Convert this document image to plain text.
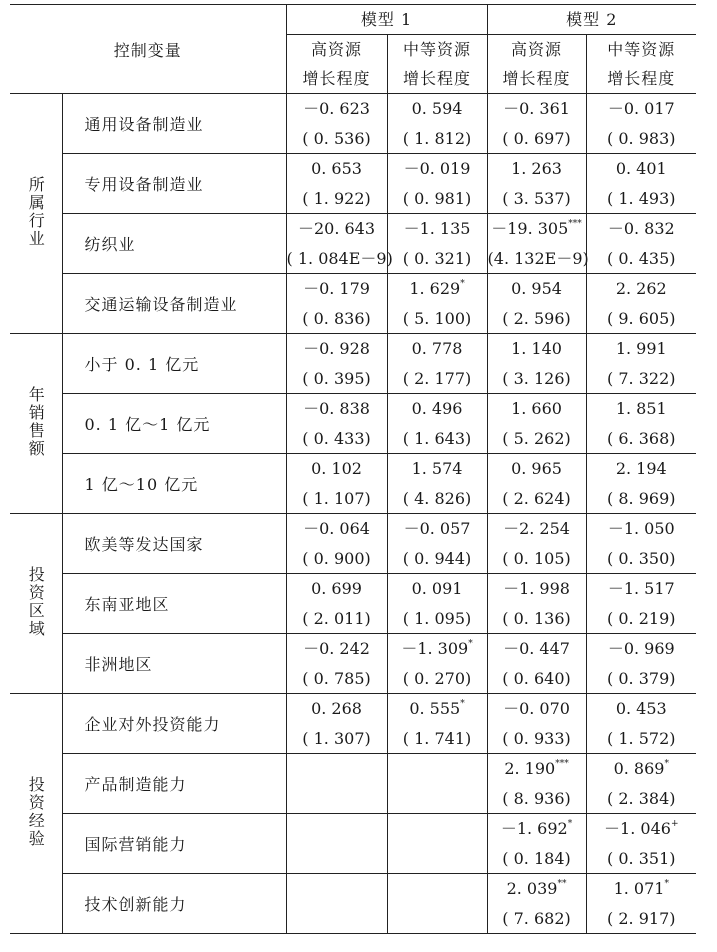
控制变量		模型 1		模型 2	
		高资源	中等资源	高资源	中等资源
		增长程度	增长程度	增长程度	增长程度
所属行业	通用设备制造业	－0. 623	0. 594	－0. 361	－0. 017
		( 0. 536)	( 1. 812)	( 0. 697)	( 0. 983)
	专用设备制造业	0. 653	－0. 019	1. 263	0. 401
		( 1. 922)	( 0. 981)	( 3. 537)	( 1. 493)
	纺织业	－20. 643	－1. 135	－19. 305***	－0. 832
		( 1. 084E－9)	( 0. 321)	(4. 132E－9)	( 0. 435)
	交通运输设备制造业	－0. 179	1. 629*	0. 954	2. 262
		( 0. 836)	( 5. 100)	( 2. 596)	( 9. 605)
年销售额	小于 0. 1 亿元	－0. 928	0. 778	1. 140	1. 991
		( 0. 395)	( 2. 177)	( 3. 126)	( 7. 322)
	0. 1 亿～1 亿元	－0. 838	0. 496	1. 660	1. 851
		( 0. 433)	( 1. 643)	( 5. 262)	( 6. 368)
	1 亿～10 亿元	0. 102	1. 574	0. 965	2. 194
		( 1. 107)	( 4. 826)	( 2. 624)	( 8. 969)
投资区域	欧美等发达国家	－0. 064	－0. 057	－2. 254	－1. 050
		( 0. 900)	( 0. 944)	( 0. 105)	( 0. 350)
	东南亚地区	0. 699	0. 091	－1. 998	－1. 517
		( 2. 011)	( 1. 095)	( 0. 136)	( 0. 219)
	非洲地区	－0. 242	－1. 309*	－0. 447	－0. 969
		( 0. 785)	( 0. 270)	( 0. 640)	( 0. 379)
投资经验	企业对外投资能力	0. 268	0. 555*	－0. 070	0. 453
		( 1. 307)	( 1. 741)	( 0. 933)	( 1. 572)
	产品制造能力			2. 190***	0. 869*
				( 8. 936)	( 2. 384)
	国际营销能力			－1. 692*	－1. 046+
				( 0. 184)	( 0. 351)
	技术创新能力			2. 039**	1. 071*
				( 7. 682)	( 2. 917)
